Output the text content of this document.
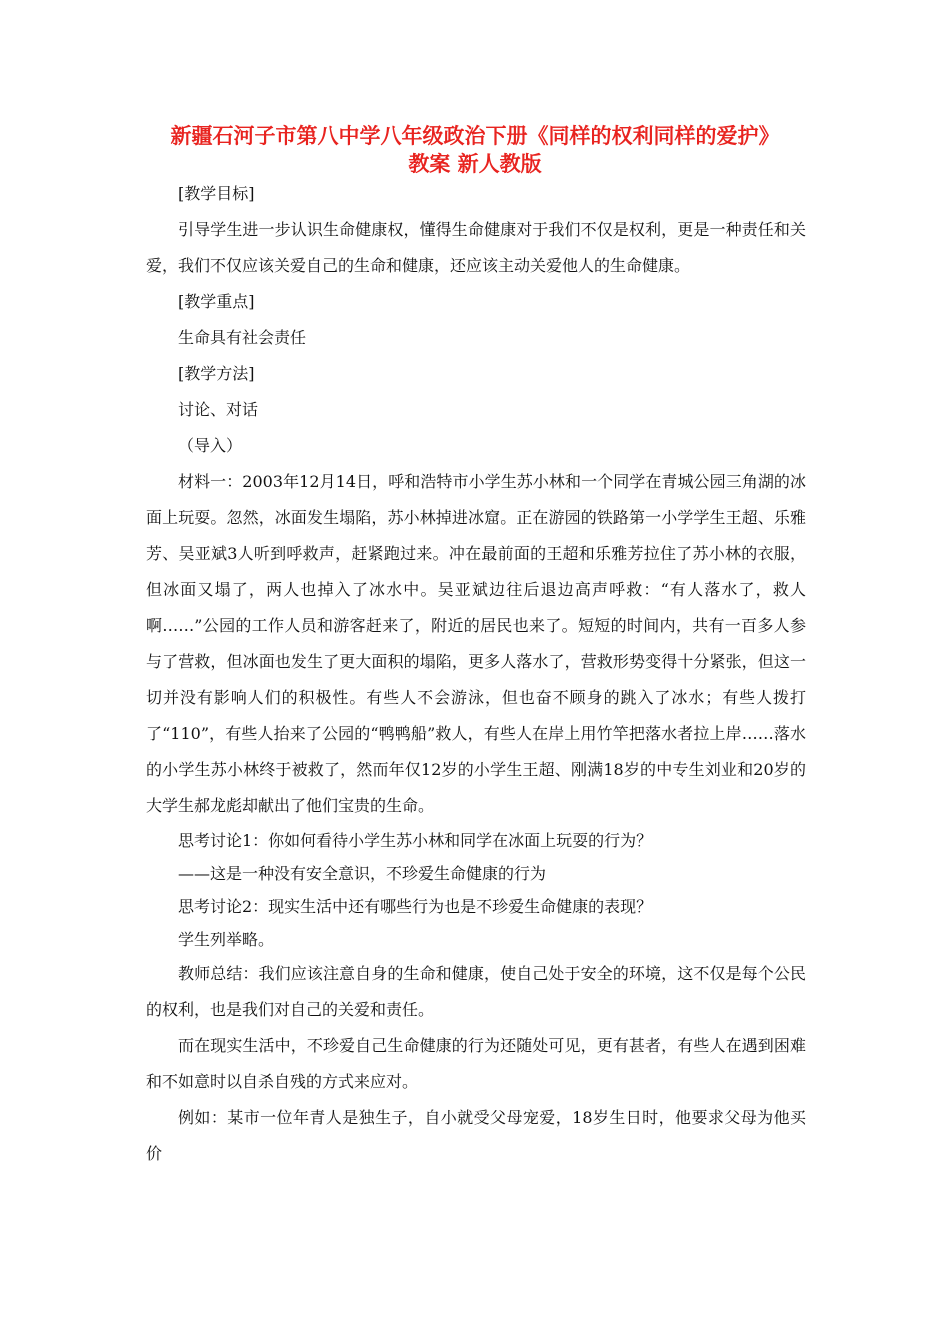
新疆石河子市第八中学八年级政治下册《同样的权利同样的爱护》
教案 新人教版

[教学目标]

引导学生进一步认识生命健康权，懂得生命健康对于我们不仅是权利，更是一种责任和关爱，我们不仅应该关爱自己的生命和健康，还应该主动关爱他人的生命健康。

[教学重点]

生命具有社会责任

[教学方法]

讨论、对话

（导入）

材料一：2003年12月14日，呼和浩特市小学生苏小林和一个同学在青城公园三角湖的冰面上玩耍。忽然，冰面发生塌陷，苏小林掉进冰窟。正在游园的铁路第一小学学生王超、乐雅芳、吴亚斌3人听到呼救声，赶紧跑过来。冲在最前面的王超和乐雅芳拉住了苏小林的衣服，但冰面又塌了，两人也掉入了冰水中。吴亚斌边往后退边高声呼救：“有人落水了，救人啊……”公园的工作人员和游客赶来了，附近的居民也来了。短短的时间内，共有一百多人参与了营救，但冰面也发生了更大面积的塌陷，更多人落水了，营救形势变得十分紧张，但这一切并没有影响人们的积极性。有些人不会游泳，但也奋不顾身的跳入了冰水；有些人拨打了“110”，有些人抬来了公园的“鸭鸭船”救人，有些人在岸上用竹竿把落水者拉上岸……落水的小学生苏小林终于被救了，然而年仅12岁的小学生王超、刚满18岁的中专生刘业和20岁的大学生郝龙彪却献出了他们宝贵的生命。

思考讨论1：你如何看待小学生苏小林和同学在冰面上玩耍的行为？

——这是一种没有安全意识，不珍爱生命健康的行为

思考讨论2：现实生活中还有哪些行为也是不珍爱生命健康的表现？

学生列举略。

教师总结：我们应该注意自身的生命和健康，使自己处于安全的环境，这不仅是每个公民的权利，也是我们对自己的关爱和责任。

而在现实生活中，不珍爱自己生命健康的行为还随处可见，更有甚者，有些人在遇到困难和不如意时以自杀自残的方式来应对。

例如：某市一位年青人是独生子，自小就受父母宠爱，18岁生日时，他要求父母为他买价
